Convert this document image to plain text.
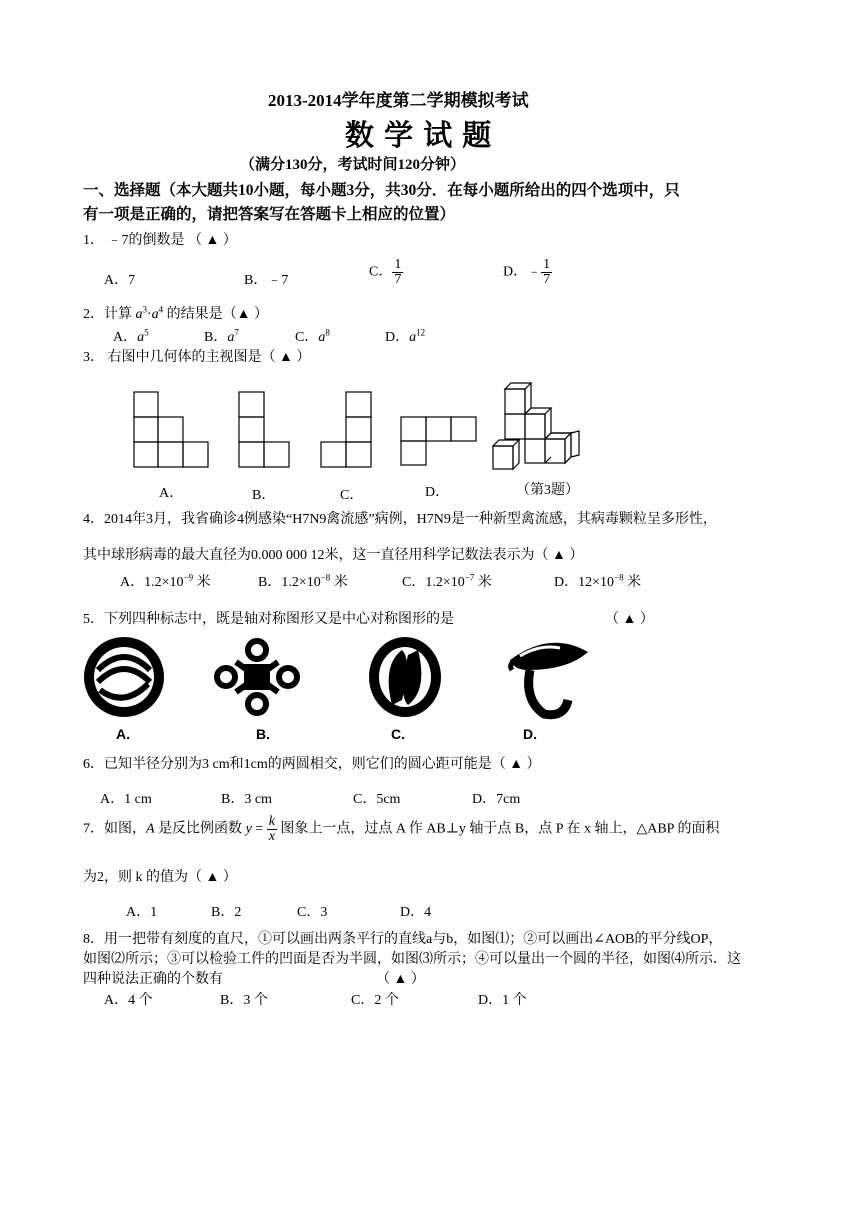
2013-2014学年度第二学期模拟考试
数 学 试 题
（满分130分，考试时间120分钟）
一、选择题（本大题共10小题，每小题3分，共30分．在每小题所给出的四个选项中，只
有一项是正确的，请把答案写在答题卡上相应的位置）
1． ﹣7的倒数是 （ ▲ ）
A．7	B．﹣7
C． $\frac{1}{7}$	D．﹣ $\frac{1}{7}$
2．计算 $a^3\cdot a^4$ 的结果是（▲ ）
A．$a^5$	B．$a^7$	C．$a^8$	D．$a^{12}$
3． 右图中几何体的主视图是（ ▲ ）
A．	B．	C．	D．	（第3题）
4．2014年3月，我省确诊4例感染“H7N9禽流感”病例，H7N9是一种新型禽流感，其病毒颗粒呈多形性，
其中球形病毒的最大直径为0.000 000 12米，这一直径用科学记数法表示为（ ▲ ）
A．$1.2\times 10^{-9}$ 米	B．$1.2\times 10^{-8}$ 米	C．$1.2\times 10^{-7}$ 米	D．$12\times 10^{-8}$ 米
5．下列四种标志中，既是轴对称图形又是中心对称图形的是	（ ▲ ）
A.	B.	C.	D.
6．已知半径分别为3 cm和1cm的两圆相交，则它们的圆心距可能是（ ▲ ）
A．1 cm	B．3 cm	C．5cm	D．7cm
7．如图，A 是反比例函数 $y = \frac{k}{x}$ 图象上一点，过点 A 作 AB⊥y 轴于点 B，点 P 在 x 轴上，△ABP 的面积
为2，则 k 的值为（ ▲ ）
A．1	B．2	C．3	D．4
8．用一把带有刻度的直尺，①可以画出两条平行的直线a与b，如图⑴；②可以画出∠AOB的平分线OP，
如图⑵所示；③可以检验工件的凹面是否为半圆，如图⑶所示；④可以量出一个圆的半径，如图⑷所示．这
四种说法正确的个数有	（ ▲ ）
A．4 个	B．3 个	C．2 个	D．1 个
